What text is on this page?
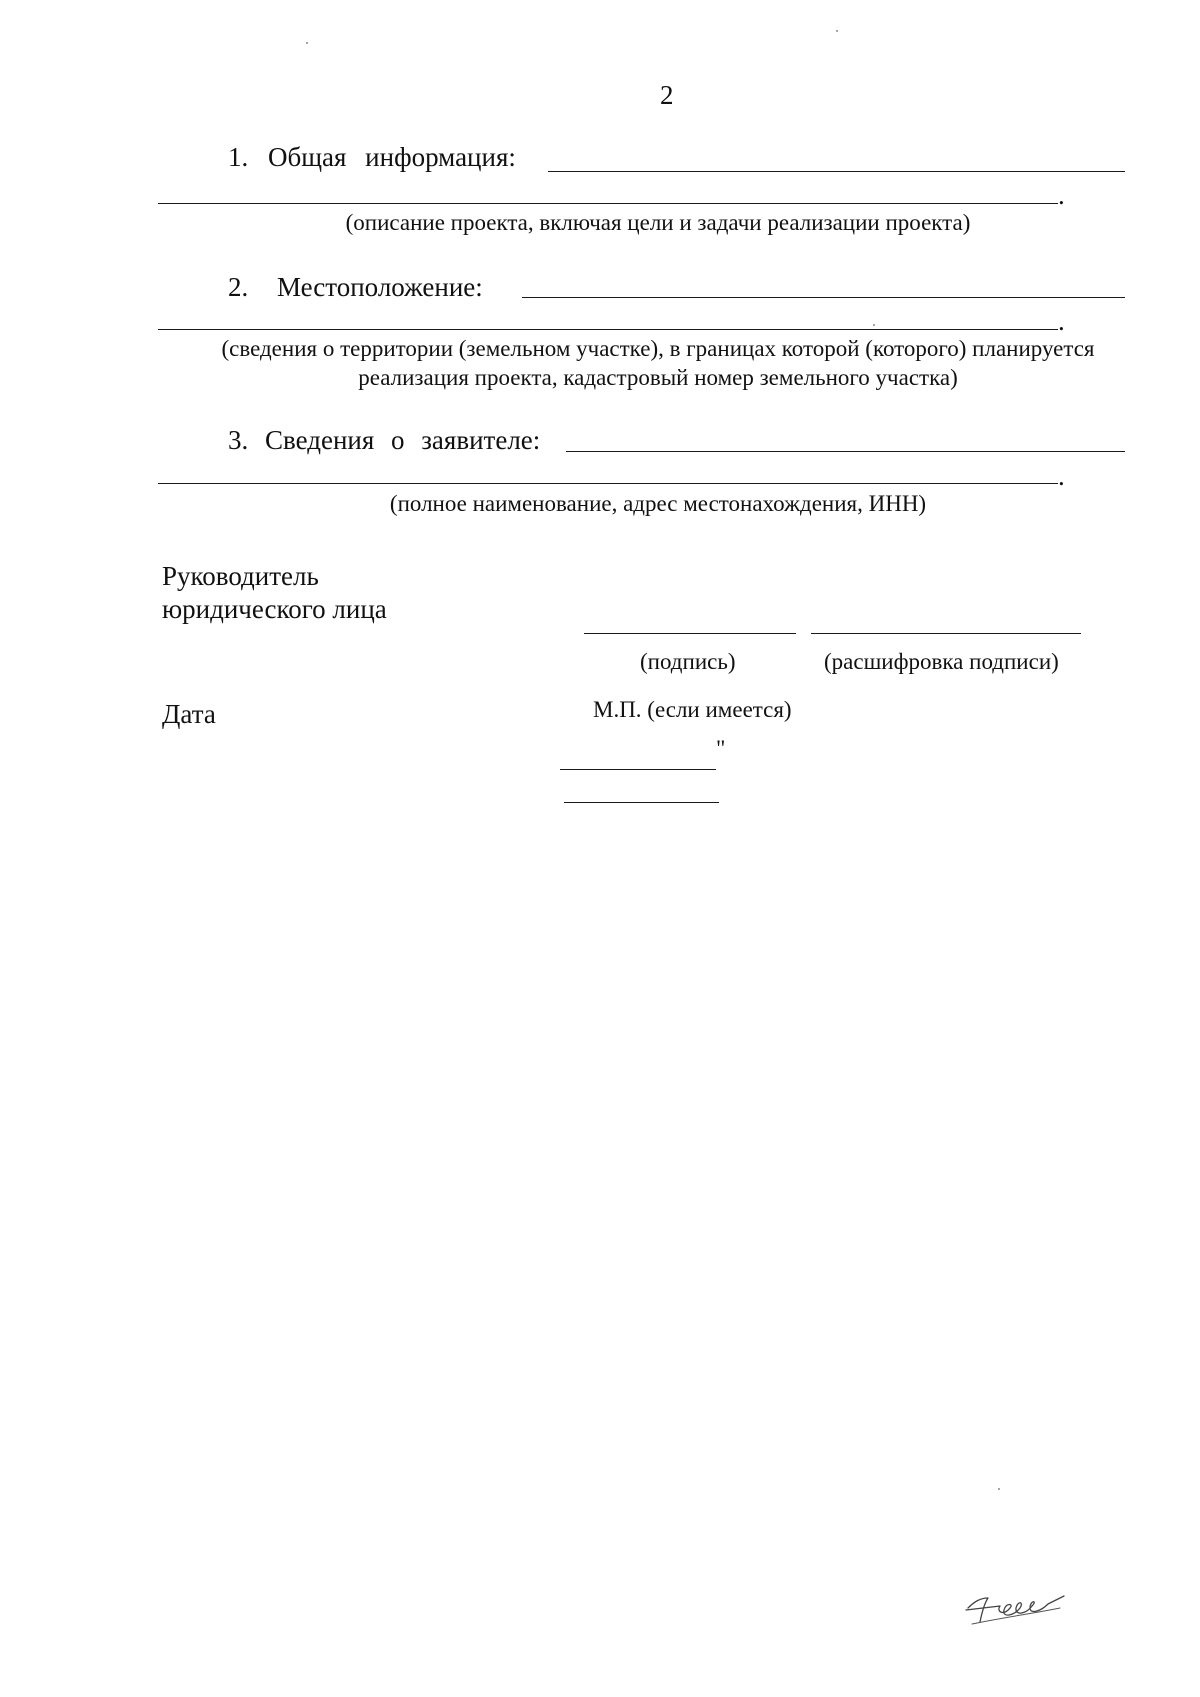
2
1. Общая информация:
.
(описание проекта, включая цели и задачи реализации проекта)
2. Местоположение:
.
(сведения о территории (земельном участке), в границах которой (которого) планируется
реализация проекта, кадастровый номер земельного участка)
3. Сведения о заявителе:
.
(полное наименование, адрес местонахождения, ИНН)
Руководитель
юридического лица
(подпись)	(расшифровка подписи)
Дата	М.П. (если имеется)
"
